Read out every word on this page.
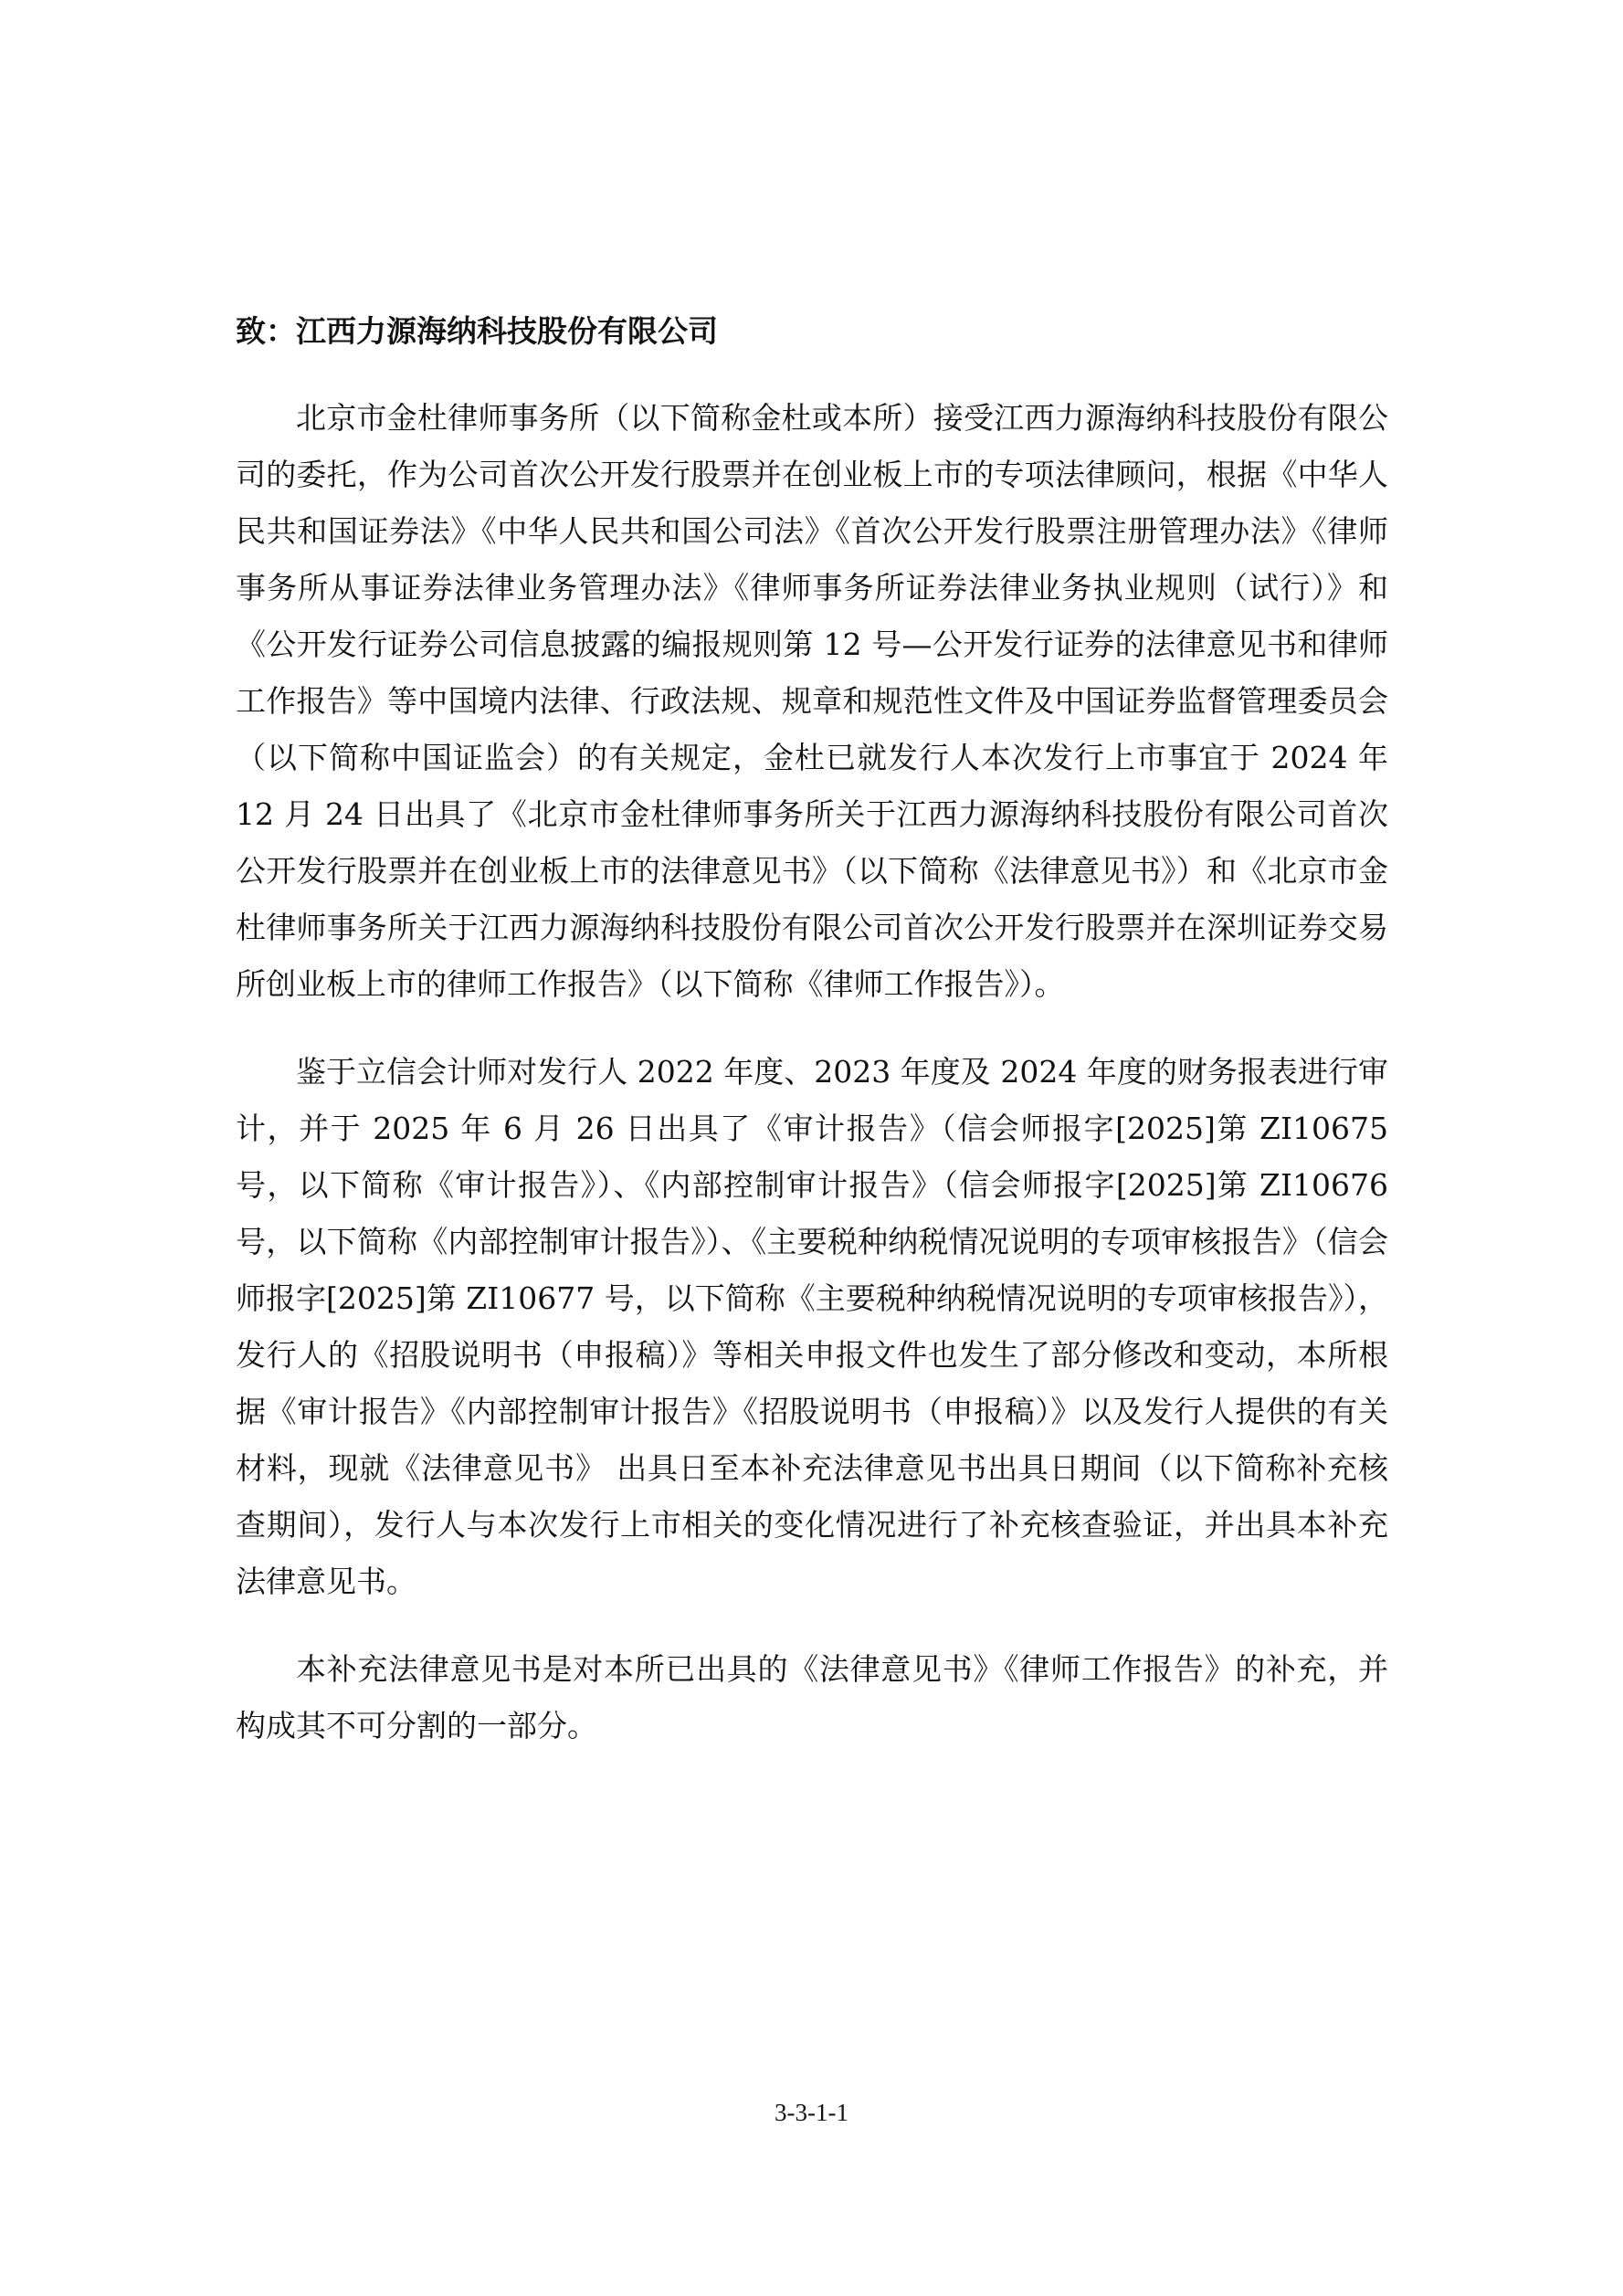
致：江西力源海纳科技股份有限公司

北京市金杜律师事务所（以下简称金杜或本所）接受江西力源海纳科技股份有限公司的委托，作为公司首次公开发行股票并在创业板上市的专项法律顾问，根据《中华人民共和国证券法》《中华人民共和国公司法》《首次公开发行股票注册管理办法》《律师事务所从事证券法律业务管理办法》《律师事务所证券法律业务执业规则（试行）》和《公开发行证券公司信息披露的编报规则第 12 号—公开发行证券的法律意见书和律师工作报告》等中国境内法律、行政法规、规章和规范性文件及中国证券监督管理委员会（以下简称中国证监会）的有关规定，金杜已就发行人本次发行上市事宜于 2024 年 12 月 24 日出具了《北京市金杜律师事务所关于江西力源海纳科技股份有限公司首次公开发行股票并在创业板上市的法律意见书》（以下简称《法律意见书》）和《北京市金杜律师事务所关于江西力源海纳科技股份有限公司首次公开发行股票并在深圳证券交易所创业板上市的律师工作报告》（以下简称《律师工作报告》）。

鉴于立信会计师对发行人 2022 年度、2023 年度及 2024 年度的财务报表进行审计，并于 2025 年 6 月 26 日出具了《审计报告》（信会师报字[2025]第 ZI10675 号，以下简称《审计报告》）、《内部控制审计报告》（信会师报字[2025]第 ZI10676 号，以下简称《内部控制审计报告》）、《主要税种纳税情况说明的专项审核报告》（信会师报字[2025]第 ZI10677 号，以下简称《主要税种纳税情况说明的专项审核报告》），发行人的《招股说明书（申报稿）》等相关申报文件也发生了部分修改和变动，本所根据《审计报告》《内部控制审计报告》《招股说明书（申报稿）》以及发行人提供的有关材料，现就《法律意见书》 出具日至本补充法律意见书出具日期间（以下简称补充核查期间），发行人与本次发行上市相关的变化情况进行了补充核查验证，并出具本补充法律意见书。

本补充法律意见书是对本所已出具的《法律意见书》《律师工作报告》的补充，并构成其不可分割的一部分。

3-3-1-1
